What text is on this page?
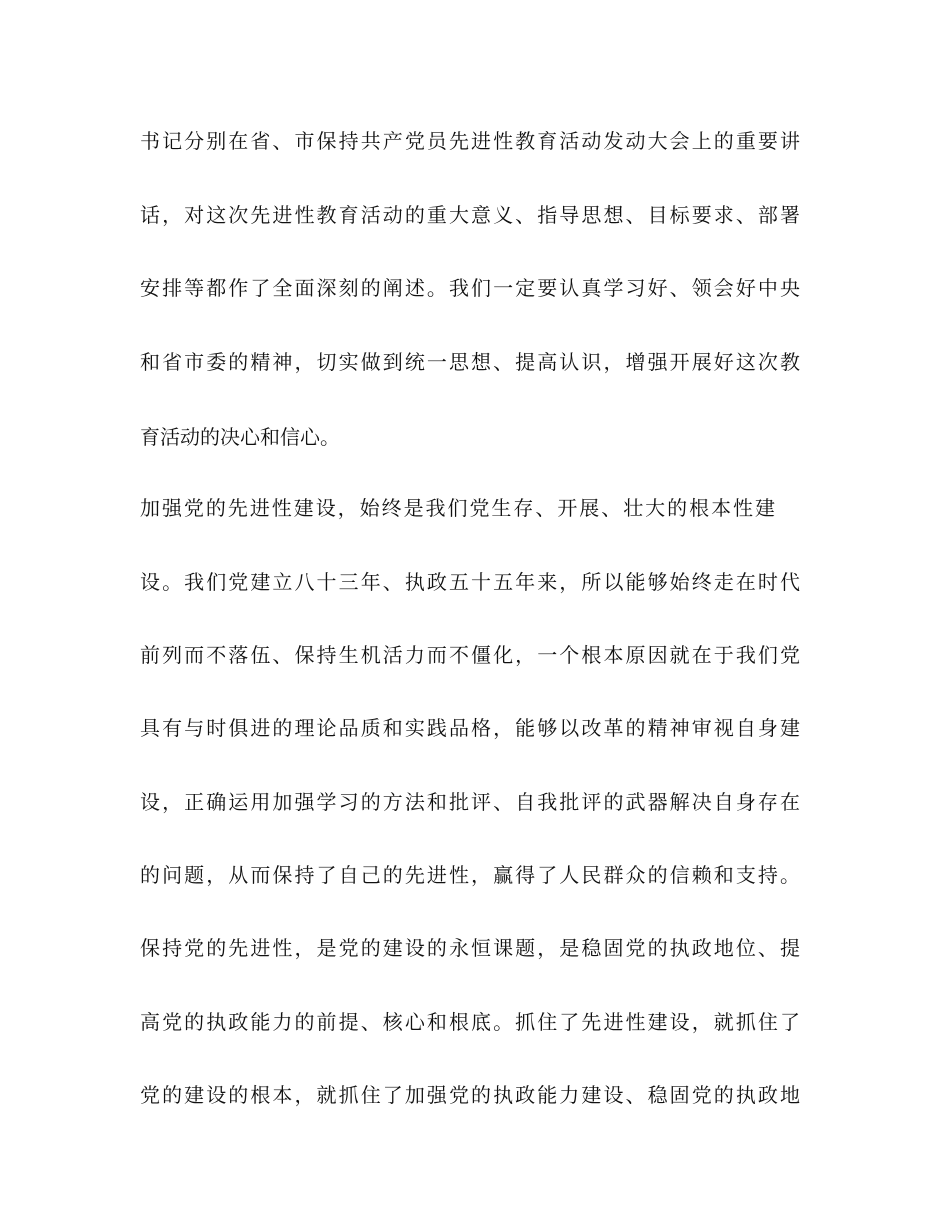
书记分别在省、市保持共产党员先进性教育活动发动大会上的重要讲
话，对这次先进性教育活动的重大意义、指导思想、目标要求、部署
安排等都作了全面深刻的阐述。我们一定要认真学习好、领会好中央
和省市委的精神，切实做到统一思想、提高认识，增强开展好这次教
育活动的决心和信心。
加强党的先进性建设，始终是我们党生存、开展、壮大的根本性建
设。我们党建立八十三年、执政五十五年来，所以能够始终走在时代
前列而不落伍、保持生机活力而不僵化，一个根本原因就在于我们党
具有与时俱进的理论品质和实践品格，能够以改革的精神审视自身建
设，正确运用加强学习的方法和批评、自我批评的武器解决自身存在
的问题，从而保持了自己的先进性，赢得了人民群众的信赖和支持。
保持党的先进性，是党的建设的永恒课题，是稳固党的执政地位、提
高党的执政能力的前提、核心和根底。抓住了先进性建设，就抓住了
党的建设的根本，就抓住了加强党的执政能力建设、稳固党的执政地
